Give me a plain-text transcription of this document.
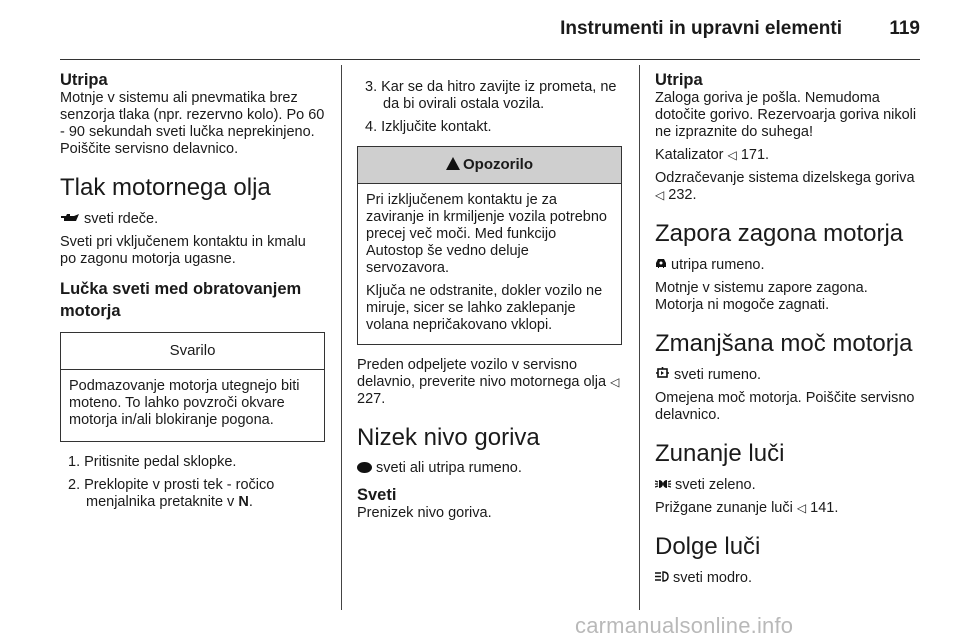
Instrumenti in upravni elementi 119

Utripa

Motnje v sistemu ali pnevmatika brez senzorja tlaka (npr. rezervno kolo). Po 60 - 90 sekundah sveti lučka neprekinjeno. Poiščite servisno delavnico.

Tlak motornega olja

sveti rdeče.

Sveti pri vključenem kontaktu in kmalu po zagonu motorja ugasne.

Lučka sveti med obratovanjem motorja
Svarilo

Podmazovanje motorja utegnejo biti moteno. To lahko povzroči okvare motorja in/ali blokiranje pogona.

1. Pritisnite pedal sklopke.
2. Preklopite v prosti tek - ročico menjalnika pretaknite v N.
3. Kar se da hitro zavijte iz prometa, ne da bi ovirali ostala vozila.
4. Izključite kontakt.
Opozorilo

Pri izključenem kontaktu je za zaviranje in krmiljenje vozila potrebno precej več moči. Med funkcijo Autostop še vedno deluje servozavora.

Ključa ne odstranite, dokler vozilo ne miruje, sicer se lahko zaklepanje volana nepričakovano vklopi.

Preden odpeljete vozilo v servisno delavnio, preverite nivo motornega olja ◁ 227.

Nizek nivo goriva

sveti ali utripa rumeno.

Sveti

Prenizek nivo goriva.

Utripa

Zaloga goriva je pošla. Nemudoma dotočite gorivo. Rezervoarja goriva nikoli ne izpraznite do suhega!

Katalizator ◁ 171.

Odzračevanje sistema dizelskega goriva ◁ 232.

Zapora zagona motorja

utripa rumeno.

Motnje v sistemu zapore zagona. Motorja ni mogoče zagnati.

Zmanjšana moč motorja

sveti rumeno.

Omejena moč motorja. Poiščite servisno delavnico.

Zunanje luči

sveti zeleno.

Prižgane zunanje luči ◁ 141.

Dolge luči

sveti modro.

carmanualsonline.info
